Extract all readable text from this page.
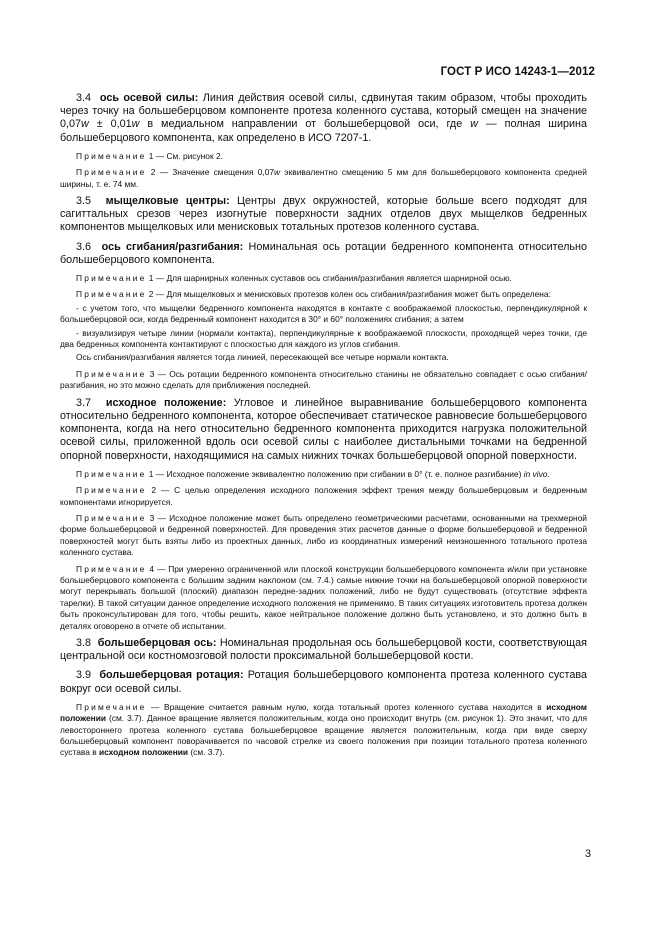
ГОСТ Р ИСО 14243-1—2012

3.4 ось осевой силы: Линия действия осевой силы, сдвинутая таким образом, чтобы проходить через точку на большеберцовом компоненте протеза коленного сустава, который смещен на значение 0,07w ± 0,01w в медиальном направлении от большеберцовой оси, где w — полная ширина большеберцового компонента, как определено в ИСО 7207-1.

Примечание 1 — См. рисунок 2.

Примечание 2 — Значение смещения 0,07w эквивалентно смещению 5 мм для большеберцового компонента средней ширины, т. е. 74 мм.

3.5 мыщелковые центры: Центры двух окружностей, которые больше всего подходят для сагиттальных срезов через изогнутые поверхности задних отделов двух мыщелков бедренных компонентов мыщелковых или мениcковых тотальных протезов коленного сустава.

3.6 ось сгибания/разгибания: Номинальная ось ротации бедренного компонента относительно большеберцового компонента.

Примечание 1 — Для шарнирных коленных суставов ось сгибания/разгибания является шарнирной осью.

Примечание 2 — Для мыщелковых и менисковых протезов колен ось сгибания/разгибания может быть определена:

- с учетом того, что мыщелки бедренного компонента находятся в контакте с воображаемой плоскостью, перпендикулярной к большеберцовой оси, когда бедренный компонент находится в 30° и 60° положениях сгибания; а затем

- визуализируя четыре линии (нормали контакта), перпендикулярные к воображаемой плоскости, проходящей через точки, где два бедренных компонента контактируют с плоскостью для каждого из углов сгибания.

Ось сгибания/разгибания является тогда линией, пересекающей все четыре нормали контакта.

Примечание 3 — Ось ротации бедренного компонента относительно станины не обязательно совпадает с осью сгибания/разгибания, но это можно сделать для приближения последней.

3.7 исходное положение: Угловое и линейное выравнивание большеберцового компонента относительно бедренного компонента, которое обеспечивает статическое равновесие большеберцового компонента, когда на него относительно бедренного компонента приходится нагрузка положительной осевой силы, приложенной вдоль оси осевой силы с наиболее дистальными точками на бедренной опорной поверхности, находящимися на самых нижних точках большеберцовой опорной поверхности.

Примечание 1 — Исходное положение эквивалентно положению при сгибании в 0° (т. е. полное разгибание) in vivo.

Примечание 2 — С целью определения исходного положения эффект трения между большеберцовым и бедренным компонентами игнорируется.

Примечание 3 — Исходное положение может быть определено геометрическими расчетами, основанными на трехмерной форме большеберцовой и бедренной поверхностей. Для проведения этих расчетов данные о форме большеберцовой и бедренной поверхностей могут быть взяты либо из проектных данных, либо из координатных измерений неизношенного тотального протеза коленного сустава.

Примечание 4 — При умеренно ограниченной или плоской конструкции большеберцового компонента и/или при установке большеберцового компонента с большим задним наклоном (см. 7.4.) самые нижние точки на большеберцовой опорной поверхности могут перекрывать большой (плоский) диапазон передне-задних положений, либо не будут существовать (отсутствие эффекта тарелки). В такой ситуации данное определение исходного положения не применимо. В таких ситуациях изготовитель протеза должен быть проконсультирован для того, чтобы решить, какое нейтральное положение должно быть установлено, и это должно быть в деталях оговорено в отчете об испытании.

3.8 большеберцовая ось: Номинальная продольная ось большеберцовой кости, соответствующая центральной оси костномозговой полости проксимальной большеберцовой кости.

3.9 большеберцовая ротация: Ротация большеберцового компонента протеза коленного сустава вокруг оси осевой силы.

Примечание — Вращение считается равным нулю, когда тотальный протез коленного сустава находится в исходном положении (см. 3.7). Данное вращение является положительным, когда оно происходит внутрь (см. рисунок 1). Это значит, что для левостороннего протеза коленного сустава большеберцовое вращение является положительным, когда при виде сверху большеберцовый компонент поворачивается по часовой стрелке из своего положения при позиции тотального протеза коленного сустава в исходном положении (см. 3.7).

3
